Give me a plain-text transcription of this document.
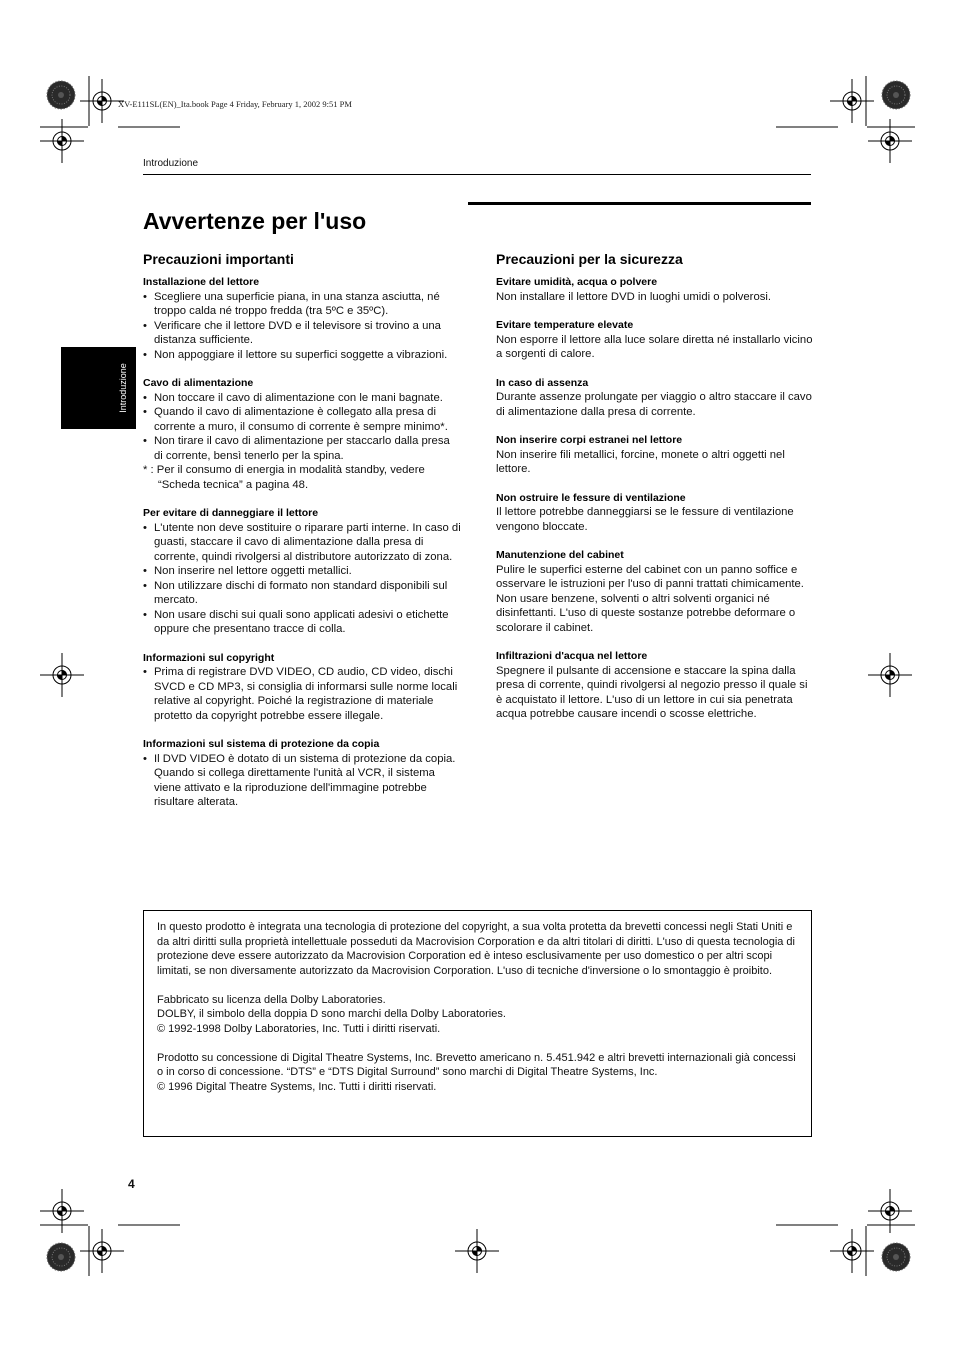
XV-E111SL(EN)_Ita.book Page 4 Friday, February 1, 2002 9:51 PM
Introduzione
Avvertenze per l'uso
Introduzione
Precauzioni importanti
Installazione del lettore
• Scegliere una superficie piana, in una stanza asciutta, né troppo calda né troppo fredda (tra 5ºC e 35ºC).
• Verificare che il lettore DVD e il televisore si trovino a una distanza sufficiente.
• Non appoggiare il lettore su superfici soggette a vibrazioni.
Cavo di alimentazione
• Non toccare il cavo di alimentazione con le mani bagnate.
• Quando il cavo di alimentazione è collegato alla presa di corrente a muro, il consumo di corrente è sempre minimo*.
• Non tirare il cavo di alimentazione per staccarlo dalla presa di corrente, bensì tenerlo per la spina.

* : Per il consumo di energia in modalità standby, vedere “Scheda tecnica” a pagina 48.

Per evitare di danneggiare il lettore
• L'utente non deve sostituire o riparare parti interne. In caso di guasti, staccare il cavo di alimentazione dalla presa di corrente, quindi rivolgersi al distributore autorizzato di zona.
• Non inserire nel lettore oggetti metallici.
• Non utilizzare dischi di formato non standard disponibili sul mercato.
• Non usare dischi sui quali sono applicati adesivi o etichette oppure che presentano tracce di colla.
Informazioni sul copyright
• Prima di registrare DVD VIDEO, CD audio, CD video, dischi SVCD e CD MP3, si consiglia di informarsi sulle norme locali relative al copyright. Poiché la registrazione di materiale protetto da copyright potrebbe essere illegale.
Informazioni sul sistema di protezione da copia
• Il DVD VIDEO è dotato di un sistema di protezione da copia. Quando si collega direttamente l'unità al VCR, il sistema viene attivato e la riproduzione dell'immagine potrebbe risultare alterata.
Precauzioni per la sicurezza
Evitare umidità, acqua o polvere

Non installare il lettore DVD in luoghi umidi o polverosi.

Evitare temperature elevate

Non esporre il lettore alla luce solare diretta né installarlo vicino a sorgenti di calore.

In caso di assenza

Durante assenze prolungate per viaggio o altro staccare il cavo di alimentazione dalla presa di corrente.

Non inserire corpi estranei nel lettore

Non inserire fili metallici, forcine, monete o altri oggetti nel lettore.

Non ostruire le fessure di ventilazione

Il lettore potrebbe danneggiarsi se le fessure di ventilazione vengono bloccate.

Manutenzione del cabinet

Pulire le superfici esterne del cabinet con un panno soffice e osservare le istruzioni per l'uso di panni trattati chimicamente. Non usare benzene, solventi o altri solventi organici né disinfettanti. L'uso di queste sostanze potrebbe deformare o scolorare il cabinet.

Infiltrazioni d'acqua nel lettore

Spegnere il pulsante di accensione e staccare la spina dalla presa di corrente, quindi rivolgersi al negozio presso il quale si è acquistato il lettore. L'uso di un lettore in cui sia penetrata acqua potrebbe causare incendi o scosse elettriche.

In questo prodotto è integrata una tecnologia di protezione del copyright, a sua volta protetta da brevetti concessi negli Stati Uniti e da altri diritti sulla proprietà intellettuale posseduti da Macrovision Corporation e da altri titolari di diritti. L'uso di questa tecnologia di protezione deve essere autorizzato da Macrovision Corporation ed è inteso esclusivamente per uso domestico o per altri scopi limitati, se non diversamente autorizzato da Macrovision Corporation. L'uso di tecniche d'inversione o lo smontaggio è proibito.

Fabbricato su licenza della Dolby Laboratories.
DOLBY, il simbolo della doppia D sono marchi della Dolby Laboratories.

© 1992-1998 Dolby Laboratories, Inc. Tutti i diritti riservati.

Prodotto su concessione di Digital Theatre Systems, Inc. Brevetto americano n. 5.451.942 e altri brevetti internazionali già concessi o in corso di concessione. “DTS” e “DTS Digital Surround” sono marchi di Digital Theatre Systems, Inc.

© 1996 Digital Theatre Systems, Inc. Tutti i diritti riservati.

4
